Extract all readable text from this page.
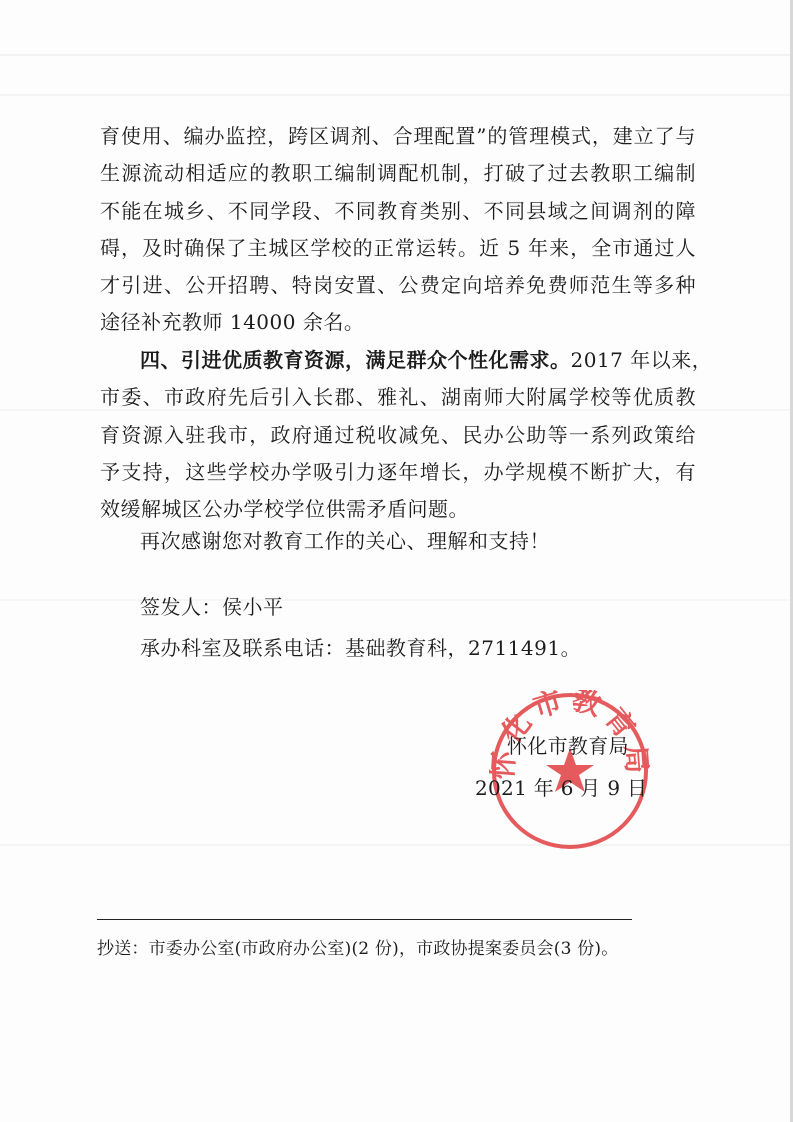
育使用、编办监控，跨区调剂、合理配置”的管理模式，建立了与
生源流动相适应的教职工编制调配机制，打破了过去教职工编制
不能在城乡、不同学段、不同教育类别、不同县域之间调剂的障
碍，及时确保了主城区学校的正常运转。近 5 年来，全市通过人
才引进、公开招聘、特岗安置、公费定向培养免费师范生等多种
途径补充教师 14000 余名。
四、引进优质教育资源，满足群众个性化需求。 2017 年以来，
市委、市政府先后引入长郡、雅礼、湖南师大附属学校等优质教
育资源入驻我市，政府通过税收减免、民办公助等一系列政策给
予支持，这些学校办学吸引力逐年增长，办学规模不断扩大，有
效缓解城区公办学校学位供需矛盾问题。

再次感谢您对教育工作的关心、理解和支持！

签发人：侯小平

承办科室及联系电话：基础教育科，2711491。

怀化市教育局
怀化市教育局
2021 年 6 月 9 日

抄送：市委办公室(市政府办公室)(2 份)，市政协提案委员会(3 份)。
